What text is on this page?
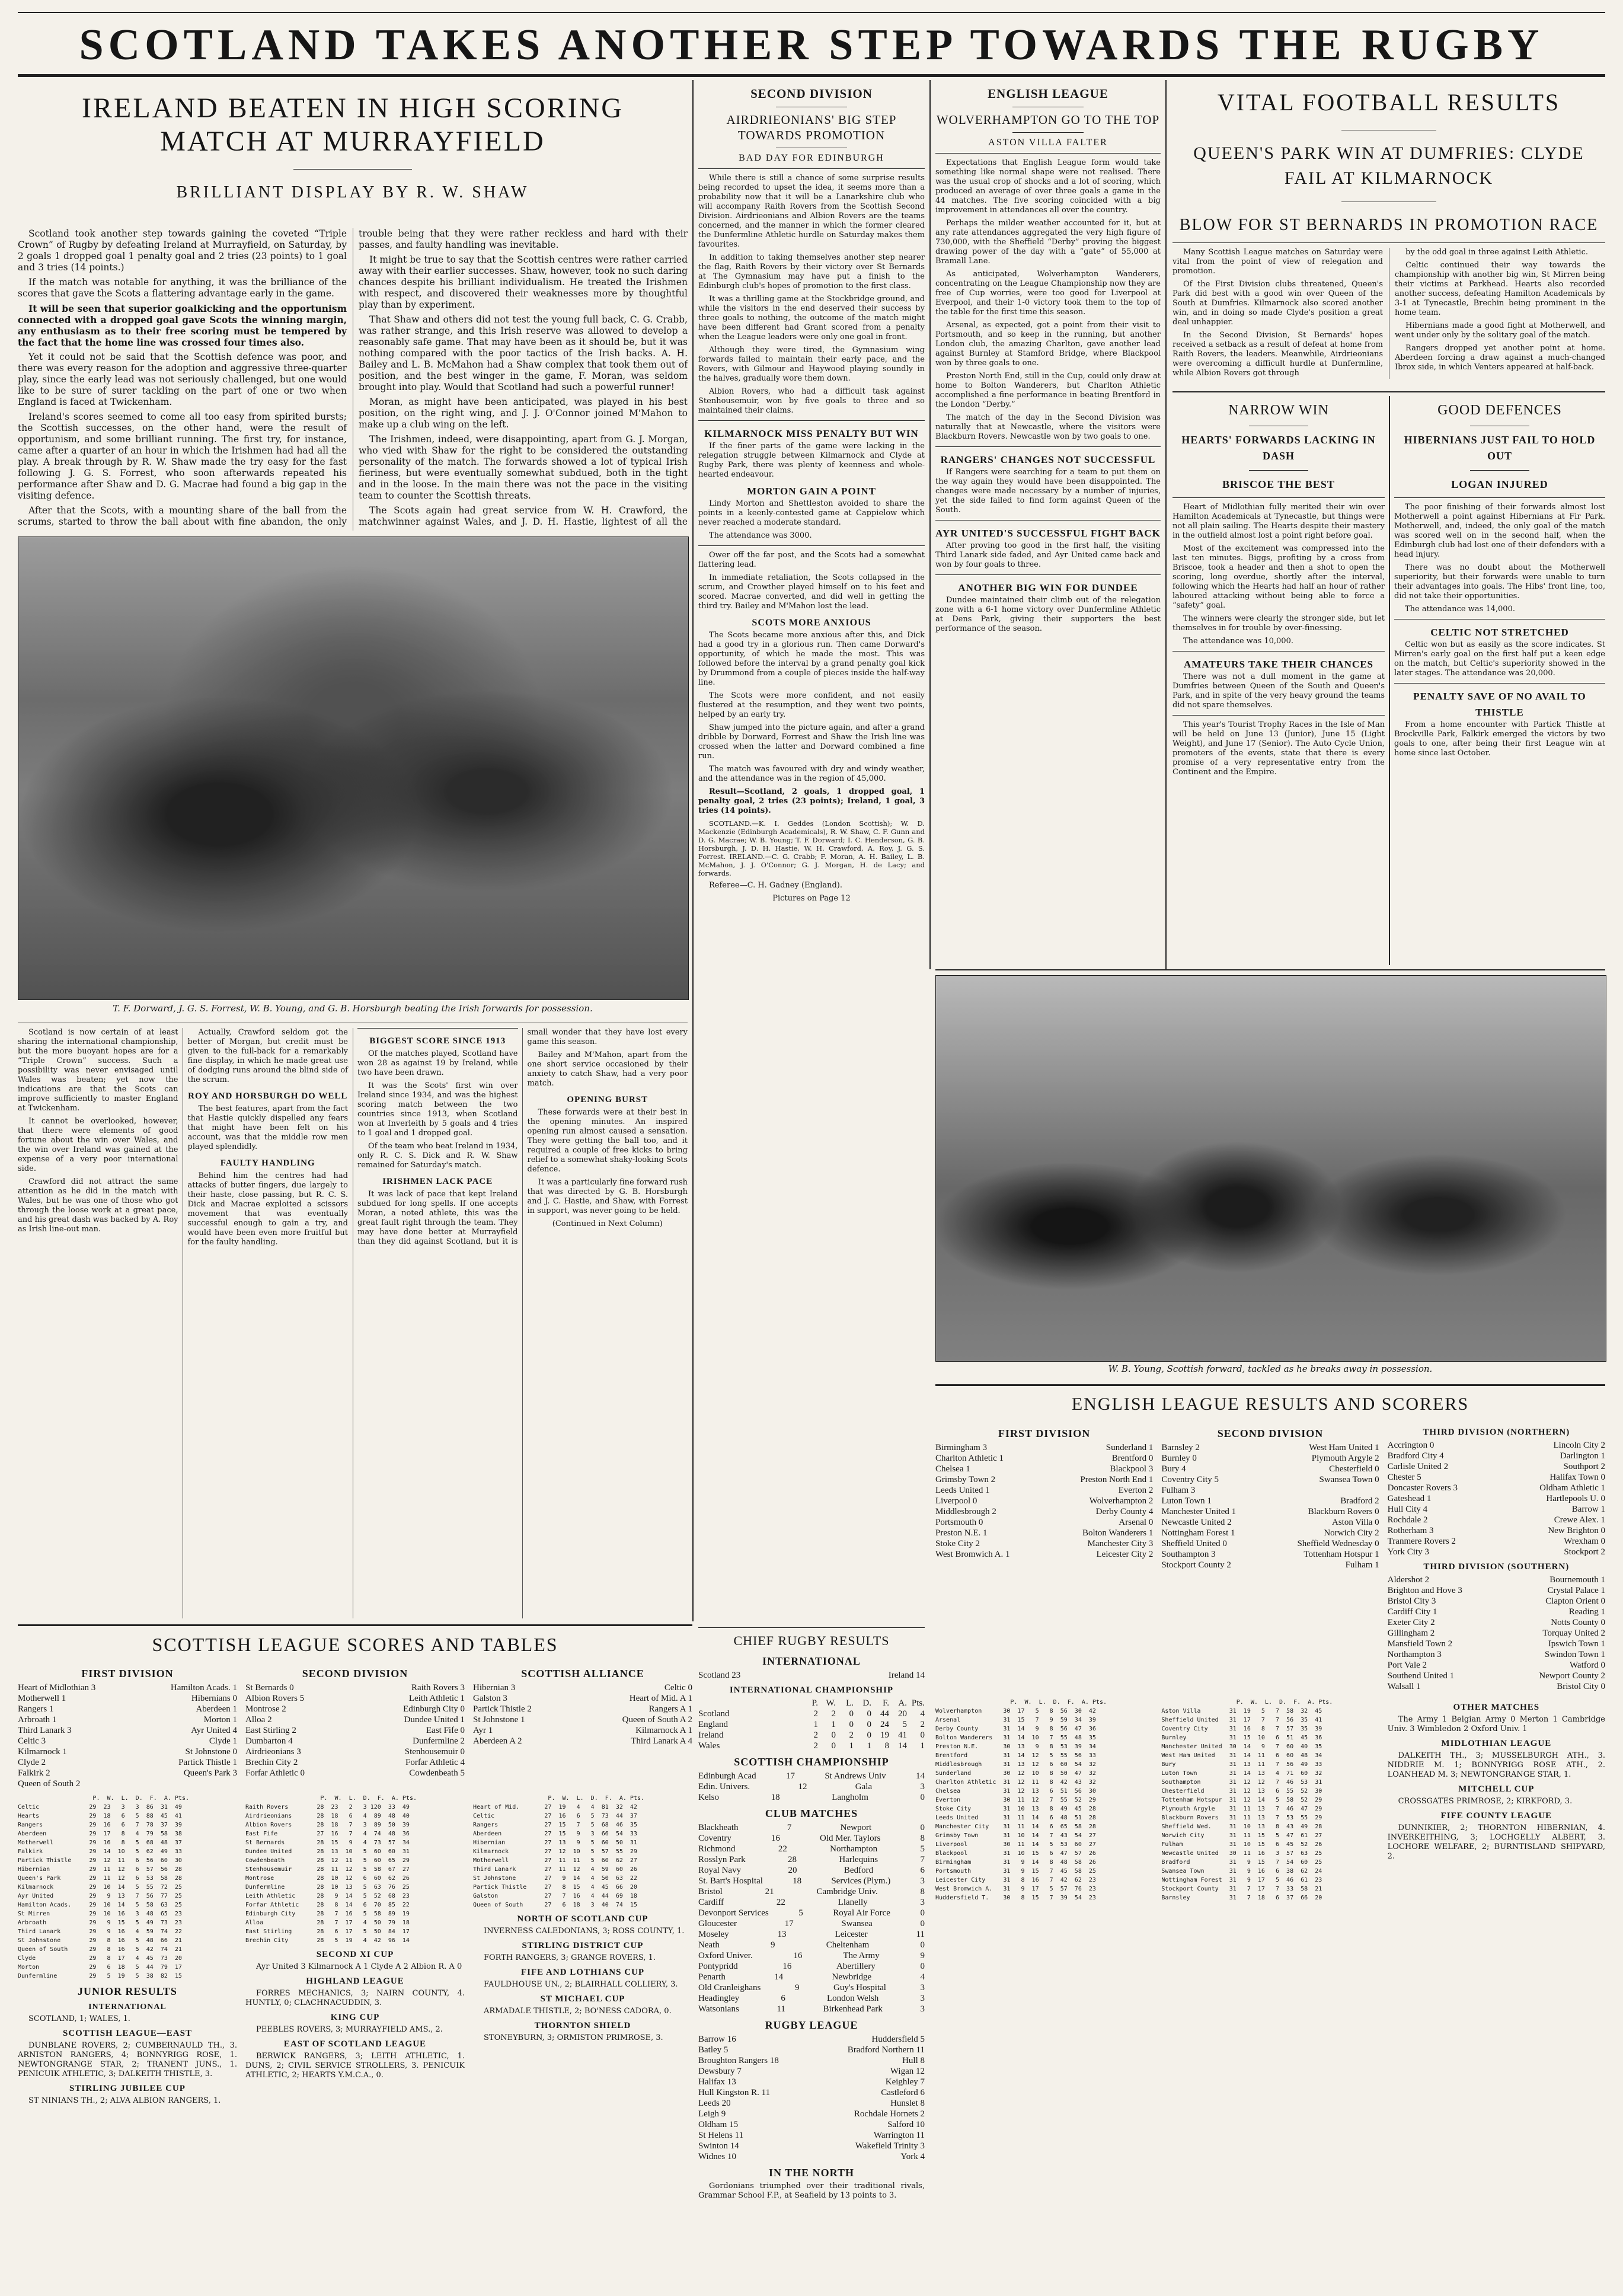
SCOTLAND TAKES ANOTHER STEP TOWARDS THE RUGBY
IRELAND BEATEN IN HIGH SCORING MATCH AT MURRAYFIELD
BRILLIANT DISPLAY BY R. W. SHAW

Scotland took another step towards gaining the coveted “Triple Crown” of Rugby by defeating Ireland at Murrayfield, on Saturday, by 2 goals 1 dropped goal 1 penalty goal and 2 tries (23 points) to 1 goal and 3 tries (14 points.)

If the match was notable for anything, it was the brilliance of the scores that gave the Scots a flattering advantage early in the game.

It will be seen that superior goalkicking and the opportunism connected with a dropped goal gave Scots the winning margin, any enthusiasm as to their free scoring must be tempered by the fact that the home line was crossed four times also.

Yet it could not be said that the Scottish defence was poor, and there was every reason for the adoption and aggressive three-quarter play, since the early lead was not seriously challenged, but one would like to be sure of surer tackling on the part of one or two when England is faced at Twickenham.

Ireland's scores seemed to come all too easy from spirited bursts; the Scottish successes, on the other hand, were the result of opportunism, and some brilliant running. The first try, for instance, came after a quarter of an hour in which the Irishmen had had all the play. A break through by R. W. Shaw made the try easy for the fast following J. G. S. Forrest, who soon afterwards repeated his performance after Shaw and D. G. Macrae had found a big gap in the visiting defence.

After that the Scots, with a mounting share of the ball from the scrums, started to throw the ball about with fine abandon, the only trouble being that they were rather reckless and hard with their passes, and faulty handling was inevitable.

It might be true to say that the Scottish centres were rather carried away with their earlier successes. Shaw, however, took no such daring chances despite his brilliant individualism. He treated the Irishmen with respect, and discovered their weaknesses more by thoughtful play than by experiment.

That Shaw and others did not test the young full back, C. G. Crabb, was rather strange, and this Irish reserve was allowed to develop a reasonably safe game. That may have been as it should be, but it was nothing compared with the poor tactics of the Irish backs. A. H. Bailey and L. B. McMahon had a Shaw complex that took them out of position, and the best winger in the game, F. Moran, was seldom brought into play. Would that Scotland had such a powerful runner!

Moran, as might have been anticipated, was played in his best position, on the right wing, and J. J. O'Connor joined M'Mahon to make up a club wing on the left.

The Irishmen, indeed, were disappointing, apart from G. J. Morgan, who vied with Shaw for the right to be considered the outstanding personality of the match. The forwards showed a lot of typical Irish fieriness, but were eventually somewhat subdued, both in the tight and in the loose. In the main there was not the pace in the visiting team to counter the Scottish threats.

The Scots again had great service from W. H. Crawford, the matchwinner against Wales, and J. D. H. Hastie, lightest of all the

T. F. Dorward, J. G. S. Forrest, W. B. Young, and G. B. Horsburgh beating the Irish forwards for possession.

Scotland is now certain of at least sharing the international championship, but the more buoyant hopes are for a “Triple Crown” success. Such a possibility was never envisaged until Wales was beaten; yet now the indications are that the Scots can improve sufficiently to master England at Twickenham.

It cannot be overlooked, however, that there were elements of good fortune about the win over Wales, and the win over Ireland was gained at the expense of a very poor international side.

Crawford did not attract the same attention as he did in the match with Wales, but he was one of those who got through the loose work at a great pace, and his great dash was backed by A. Roy as Irish line-out man.

Actually, Crawford seldom got the better of Morgan, but credit must be given to the full-back for a remarkably fine display, in which he made great use of dodging runs around the blind side of the scrum.

ROY AND HORSBURGH DO WELL

The best features, apart from the fact that Hastie quickly dispelled any fears that might have been felt on his account, was that the middle row men played splendidly.

FAULTY HANDLING

Behind him the centres had had attacks of butter fingers, due largely to their haste, close passing, but R. C. S. Dick and Macrae exploited a scissors movement that was eventually successful enough to gain a try, and would have been even more fruitful but for the faulty handling.

BIGGEST SCORE SINCE 1913

Of the matches played, Scotland have won 28 as against 19 by Ireland, while two have been drawn.

It was the Scots' first win over Ireland since 1934, and was the highest scoring match between the two countries since 1913, when Scotland won at Inverleith by 5 goals and 4 tries to 1 goal and 1 dropped goal.

Of the team who beat Ireland in 1934, only R. C. S. Dick and R. W. Shaw remained for Saturday's match.

IRISHMEN LACK PACE

It was lack of pace that kept Ireland subdued for long spells. If one accepts Moran, a noted athlete, this was the great fault right through the team. They may have done better at Murrayfield than they did against Scotland, but it is small wonder that they have lost every game this season.

Bailey and M'Mahon, apart from the one short service occasioned by their anxiety to catch Shaw, had a very poor match.

OPENING BURST

These forwards were at their best in the opening minutes. An inspired opening run almost caused a sensation. They were getting the ball too, and it required a couple of free kicks to bring relief to a somewhat shaky-looking Scots defence.

It was a particularly fine forward rush that was directed by G. B. Horsburgh and J. C. Hastie, and Shaw, with Forrest in support, was never going to be held.

(Continued in Next Column)

SECOND DIVISION
AIRDRIEONIANS' BIG STEP TOWARDS PROMOTION
BAD DAY FOR EDINBURGH

While there is still a chance of some surprise results being recorded to upset the idea, it seems more than a probability now that it will be a Lanarkshire club who will accompany Raith Rovers from the Scottish Second Division. Airdrieonians and Albion Rovers are the teams concerned, and the manner in which the former cleared the Dunfermline Athletic hurdle on Saturday makes them favourites.

In addition to taking themselves another step nearer the flag, Raith Rovers by their victory over St Bernards at The Gymnasium may have put a finish to the Edinburgh club's hopes of promotion to the first class.

It was a thrilling game at the Stockbridge ground, and while the visitors in the end deserved their success by three goals to nothing, the outcome of the match might have been different had Grant scored from a penalty when the League leaders were only one goal in front.

Although they were tired, the Gymnasium wing forwards failed to maintain their early pace, and the Rovers, with Gilmour and Haywood playing soundly in the halves, gradually wore them down.

Albion Rovers, who had a difficult task against Stenhousemuir, won by five goals to three and so maintained their claims.

KILMARNOCK MISS PENALTY BUT WIN

If the finer parts of the game were lacking in the relegation struggle between Kilmarnock and Clyde at Rugby Park, there was plenty of keenness and whole-hearted endeavour.

MORTON GAIN A POINT

Lindy Morton and Shettleston avoided to share the points in a keenly-contested game at Cappielow which never reached a moderate standard.

The attendance was 3000.

Ower off the far post, and the Scots had a somewhat flattering lead.

In immediate retaliation, the Scots collapsed in the scrum, and Crowther played himself on to his feet and scored. Macrae converted, and did well in getting the third try. Bailey and M'Mahon lost the lead.

SCOTS MORE ANXIOUS

The Scots became more anxious after this, and Dick had a good try in a glorious run. Then came Dorward's opportunity, of which he made the most. This was followed before the interval by a grand penalty goal kick by Drummond from a couple of pieces inside the half-way line.

The Scots were more confident, and not easily flustered at the resumption, and they went two points, helped by an early try.

Shaw jumped into the picture again, and after a grand dribble by Dorward, Forrest and Shaw the Irish line was crossed when the latter and Dorward combined a fine run.

The match was favoured with dry and windy weather, and the attendance was in the region of 45,000.

Result—Scotland, 2 goals, 1 dropped goal, 1 penalty goal, 2 tries (23 points); Ireland, 1 goal, 3 tries (14 points).

SCOTLAND.—K. I. Geddes (London Scottish); W. D. Mackenzie (Edinburgh Academicals), R. W. Shaw, C. F. Gunn and D. G. Macrae; W. B. Young; T. F. Dorward; I. C. Henderson, G. B. Horsburgh, J. D. H. Hastie, W. H. Crawford, A. Roy, J. G. S. Forrest. IRELAND.—C. G. Crabb; F. Moran, A. H. Bailey, L. B. McMahon, J. J. O'Connor; G. J. Morgan, H. de Lacy; and forwards.

Referee—C. H. Gadney (England).

Pictures on Page 12

ENGLISH LEAGUE
WOLVERHAMPTON GO TO THE TOP
ASTON VILLA FALTER

Expectations that English League form would take something like normal shape were not realised. There was the usual crop of shocks and a lot of scoring, which produced an average of over three goals a game in the 44 matches. The five scoring coincided with a big improvement in attendances all over the country.

Perhaps the milder weather accounted for it, but at any rate attendances aggregated the very high figure of 730,000, with the Sheffield “Derby” proving the biggest drawing power of the day with a “gate” of 55,000 at Bramall Lane.

As anticipated, Wolverhampton Wanderers, concentrating on the League Championship now they are free of Cup worries, were too good for Liverpool at Everpool, and their 1-0 victory took them to the top of the table for the first time this season.

Arsenal, as expected, got a point from their visit to Portsmouth, and so keep in the running, but another London club, the amazing Charlton, gave another lead against Burnley at Stamford Bridge, where Blackpool won by three goals to one.

Preston North End, still in the Cup, could only draw at home to Bolton Wanderers, but Charlton Athletic accomplished a fine performance in beating Brentford in the London “Derby.”

The match of the day in the Second Division was naturally that at Newcastle, where the visitors were Blackburn Rovers. Newcastle won by two goals to one.

RANGERS' CHANGES NOT SUCCESSFUL

If Rangers were searching for a team to put them on the way again they would have been disappointed. The changes were made necessary by a number of injuries, yet the side failed to find form against Queen of the South.

AYR UNITED'S SUCCESSFUL FIGHT BACK

After proving too good in the first half, the visiting Third Lanark side faded, and Ayr United came back and won by four goals to three.

ANOTHER BIG WIN FOR DUNDEE

Dundee maintained their climb out of the relegation zone with a 6-1 home victory over Dunfermline Athletic at Dens Park, giving their supporters the best performance of the season.

VITAL FOOTBALL RESULTS
QUEEN'S PARK WIN AT DUMFRIES: CLYDE FAIL AT KILMARNOCK
BLOW FOR ST BERNARDS IN PROMOTION RACE

Many Scottish League matches on Saturday were vital from the point of view of relegation and promotion.

Of the First Division clubs threatened, Queen's Park did best with a good win over Queen of the South at Dumfries. Kilmarnock also scored another win, and in doing so made Clyde's position a great deal unhappier.

In the Second Division, St Bernards' hopes received a setback as a result of defeat at home from Raith Rovers, the leaders. Meanwhile, Airdrieonians were overcoming a difficult hurdle at Dunfermline, while Albion Rovers got through

by the odd goal in three against Leith Athletic.

Celtic continued their way towards the championship with another big win, St Mirren being their victims at Parkhead. Hearts also recorded another success, defeating Hamilton Academicals by 3-1 at Tynecastle, Brechin being prominent in the home team.

Hibernians made a good fight at Motherwell, and went under only by the solitary goal of the match.

Rangers dropped yet another point at home. Aberdeen forcing a draw against a much-changed Ibrox side, in which Venters appeared at half-back.

NARROW WIN
HEARTS' FORWARDS LACKING IN DASH
BRISCOE THE BEST

Heart of Midlothian fully merited their win over Hamilton Academicals at Tynecastle, but things were not all plain sailing. The Hearts despite their mastery in the outfield almost lost a point right before goal.

Most of the excitement was compressed into the last ten minutes. Biggs, profiting by a cross from Briscoe, took a header and then a shot to open the scoring, long overdue, shortly after the interval, following which the Hearts had half an hour of rather laboured attacking without being able to force a “safety” goal.

The winners were clearly the stronger side, but let themselves in for trouble by over-finessing.

The attendance was 10,000.

AMATEURS TAKE THEIR CHANCES

There was not a dull moment in the game at Dumfries between Queen of the South and Queen's Park, and in spite of the very heavy ground the teams did not spare themselves.

This year's Tourist Trophy Races in the Isle of Man will be held on June 13 (Junior), June 15 (Light Weight), and June 17 (Senior). The Auto Cycle Union, promoters of the events, state that there is every promise of a very representative entry from the Continent and the Empire.

GOOD DEFENCES
HIBERNIANS JUST FAIL TO HOLD OUT
LOGAN INJURED

The poor finishing of their forwards almost lost Motherwell a point against Hibernians at Fir Park. Motherwell, and, indeed, the only goal of the match was scored well on in the second half, when the Edinburgh club had lost one of their defenders with a head injury.

There was no doubt about the Motherwell superiority, but their forwards were unable to turn their advantages into goals. The Hibs' front line, too, did not take their opportunities.

The attendance was 14,000.

CELTIC NOT STRETCHED

Celtic won but as easily as the score indicates. St Mirren's early goal on the first half put a keen edge on the match, but Celtic's superiority showed in the later stages. The attendance was 20,000.

PENALTY SAVE OF NO AVAIL TO THISTLE

From a home encounter with Partick Thistle at Brockville Park, Falkirk emerged the victors by two goals to one, after being their first League win at home since last October.

W. B. Young, Scottish forward, tackled as he breaks away in possession.
CHIEF RUGBY RESULTS
INTERNATIONAL
Scotland 23	Ireland 14
INTERNATIONAL CHAMPIONSHIP
P. W. L. D. F. A. Pts.
Scotland	2 2 0 0 44 20 4
England	1 1 0 0 24 5 2
Ireland	2 0 2 0 19 41 0
Wales	2 0 1 1 8 14 1
SCOTTISH CHAMPIONSHIP
Edinburgh Acad	17	St Andrews Univ	14
Edin. Univers.	12	Gala	3
Kelso	18	Langholm	0
CLUB MATCHES
Blackheath	7	Newport	0
Coventry	16	Old Mer. Taylors	8
Richmond	22	Northampton	5
Rosslyn Park	28	Harlequins	7
Royal Navy	20	Bedford	6
St. Bart's Hospital	18	Services (Plym.)	3
Bristol	21	Cambridge Univ.	8
Cardiff	22	Llanelly	3
Devonport Services	5	Royal Air Force	0
Gloucester	17	Swansea	0
Moseley	13	Leicester	11
Neath	9	Cheltenham	0
Oxford Univer.	16	The Army	9
Pontypridd	16	Abertillery	0
Penarth	14	Newbridge	4
Old Cranleighans	9	Guy's Hospital	3
Headingley	6	London Welsh	3
Watsonians	11	Birkenhead Park	3
RUGBY LEAGUE
Barrow 16	Huddersfield 5
Batley 5	Bradford Northern 11
Broughton Rangers 18	Hull 8
Dewsbury 7	Wigan 12
Halifax 13	Keighley 7
Hull Kingston R. 11	Castleford 6
Leeds 20	Hunslet 8
Leigh 9	Rochdale Hornets 2
Oldham 15	Salford 10
St Helens 11	Warrington 11
Swinton 14	Wakefield Trinity 3
Widnes 10	York 4
IN THE NORTH

Gordonians triumphed over their traditional rivals, Grammar School F.P., at Seafield by 13 points to 3.

SCOTTISH LEAGUE SCORES AND TABLES
FIRST DIVISION
Heart of Midlothian 3	Hamilton Acads. 1
Motherwell 1	Hibernians 0
Rangers 1	Aberdeen 1
Arbroath 1	Morton 1
Third Lanark 3	Ayr United 4
Celtic 3	Clyde 1
Kilmarnock 1	St Johnstone 0
Clyde 2	Partick Thistle 1
Falkirk 2	Queen's Park 3
Queen of South 2
SECOND DIVISION
St Bernards 0	Raith Rovers 3
Albion Rovers 5	Leith Athletic 1
Montrose 2	Edinburgh City 0
Alloa 2	Dundee United 1
East Stirling 2	East Fife 0
Dumbarton 4	Dunfermline 2
Airdrieonians 3	Stenhousemuir 0
Brechin City 2	Forfar Athletic 4
Forfar Athletic 0	Cowdenbeath 5
SCOTTISH ALLIANCE
Hibernian 3	Celtic 0
Galston 3	Heart of Mid. A 1
Partick Thistle 2	Rangers A 1
St Johnstone 1	Queen of South A 2
Ayr 1	Kilmarnock A 1
Aberdeen A 2	Third Lanark A 4
P.  W.  L.  D.  F.  A. Pts.
Celtic              29  23   3   3  86  31  49
Hearts              29  18   6   5  88  45  41
Rangers             29  16   6   7  78  37  39
Aberdeen            29  17   8   4  79  58  38
Motherwell          29  16   8   5  68  48  37
Falkirk             29  14  10   5  62  49  33
Partick Thistle     29  12  11   6  56  60  30
Hibernian           29  11  12   6  57  56  28
Queen's Park        29  11  12   6  53  58  28
Kilmarnock          29  10  14   5  55  72  25
Ayr United          29   9  13   7  56  77  25
Hamilton Acads.     29  10  14   5  58  63  25
St Mirren           29  10  16   3  48  65  23
Arbroath            29   9  15   5  49  73  23
Third Lanark        29   9  16   4  59  74  22
St Johnstone        29   8  16   5  48  66  21
Queen of South      29   8  16   5  42  74  21
Clyde               29   8  17   4  45  73  20
Morton              29   6  18   5  44  79  17
Dunfermline         29   5  19   5  38  82  15
JUNIOR RESULTS
INTERNATIONAL

SCOTLAND, 1; WALES, 1.

SCOTTISH LEAGUE—EAST

DUNBLANE ROVERS, 2; CUMBERNAULD TH., 3. ARNISTON RANGERS, 4; BONNYRIGG ROSE, 1. NEWTONGRANGE STAR, 2; TRANENT JUNS., 1. PENICUIK ATHLETIC, 3; DALKEITH THISTLE, 3.

STIRLING JUBILEE CUP

ST NINIANS TH., 2; ALVA ALBION RANGERS, 1.

P.  W.  L.  D.  F.  A. Pts.
Raith Rovers        28  23   2   3 120  33  49
Airdrieonians       28  18   6   4  89  48  40
Albion Rovers       28  18   7   3  89  50  39
East Fife           27  16   7   4  74  48  36
St Bernards         28  15   9   4  73  57  34
Dundee United       28  13  10   5  60  60  31
Cowdenbeath         28  12  11   5  60  65  29
Stenhousemuir       28  11  12   5  58  67  27
Montrose            28  10  12   6  60  62  26
Dunfermline         28  10  13   5  63  76  25
Leith Athletic      28   9  14   5  52  68  23
Forfar Athletic     28   8  14   6  70  85  22
Edinburgh City      28   7  16   5  58  89  19
Alloa               28   7  17   4  50  79  18
East Stirling       28   6  17   5  50  84  17
Brechin City        28   5  19   4  42  96  14
SECOND XI CUP

Ayr United 3 Kilmarnock A 1 Clyde A 2 Albion R. A 0

HIGHLAND LEAGUE

FORRES MECHANICS, 3; NAIRN COUNTY, 4. HUNTLY, 0; CLACHNACUDDIN, 3.

KING CUP

PEEBLES ROVERS, 3; MURRAYFIELD AMS., 2.

EAST OF SCOTLAND LEAGUE

BERWICK RANGERS, 3; LEITH ATHLETIC, 1. DUNS, 2; CIVIL SERVICE STROLLERS, 3. PENICUIK ATHLETIC, 2; HEARTS Y.M.C.A., 0.

P.  W.  L.  D.  F.  A. Pts.
Heart of Mid.       27  19   4   4  81  32  42
Celtic              27  16   6   5  73  44  37
Rangers             27  15   7   5  68  46  35
Aberdeen            27  15   9   3  66  54  33
Hibernian           27  13   9   5  60  50  31
Kilmarnock          27  12  10   5  57  55  29
Motherwell          27  11  11   5  60  62  27
Third Lanark        27  11  12   4  59  60  26
St Johnstone        27   9  14   4  50  63  22
Partick Thistle     27   8  15   4  45  66  20
Galston             27   7  16   4  44  69  18
Queen of South      27   6  18   3  40  74  15
NORTH OF SCOTLAND CUP

INVERNESS CALEDONIANS, 3; ROSS COUNTY, 1.

STIRLING DISTRICT CUP

FORTH RANGERS, 3; GRANGE ROVERS, 1.

FIFE AND LOTHIANS CUP

FAULDHOUSE UN., 2; BLAIRHALL COLLIERY, 3.

ST MICHAEL CUP

ARMADALE THISTLE, 2; BO'NESS CADORA, 0.

THORNTON SHIELD

STONEYBURN, 3; ORMISTON PRIMROSE, 3.

ENGLISH LEAGUE RESULTS AND SCORERS
FIRST DIVISION
Birmingham 3	Sunderland 1
Charlton Athletic 1	Brentford 0
Chelsea 1	Blackpool 3
Grimsby Town 2	Preston North End 1
Leeds United 1	Everton 2
Liverpool 0	Wolverhampton 2
Middlesbrough 2	Derby County 4
Portsmouth 0	Arsenal 0
Preston N.E. 1	Bolton Wanderers 1
Stoke City 2	Manchester City 3
West Bromwich A. 1	Leicester City 2
SECOND DIVISION
Barnsley 2	West Ham United 1
Burnley 0	Plymouth Argyle 2
Bury 4	Chesterfield 0
Coventry City 5	Swansea Town 0
Fulham 3
Luton Town 1	Bradford 2
Manchester United 1	Blackburn Rovers 0
Newcastle United 2	Aston Villa 0
Nottingham Forest 1	Norwich City 2
Sheffield United 0	Sheffield Wednesday 0
Southampton 3	Tottenham Hotspur 1
Stockport County 2	Fulham 1
THIRD DIVISION (NORTHERN)
Accrington 0	Lincoln City 2
Bradford City 4	Darlington 1
Carlisle United 2	Southport 2
Chester 5	Halifax Town 0
Doncaster Rovers 3	Oldham Athletic 1
Gateshead 1	Hartlepools U. 0
Hull City 4	Barrow 1
Rochdale 2	Crewe Alex. 1
Rotherham 3	New Brighton 0
Tranmere Rovers 2	Wrexham 0
York City 3	Stockport 2
THIRD DIVISION (SOUTHERN)
Aldershot 2	Bournemouth 1
Brighton and Hove 3	Crystal Palace 1
Bristol City 3	Clapton Orient 0
Cardiff City 1	Reading 1
Exeter City 2	Notts County 0
Gillingham 2	Torquay United 2
Mansfield Town 2	Ipswich Town 1
Northampton 3	Swindon Town 1
Port Vale 2	Watford 0
Southend United 1	Newport County 2
Walsall 1	Bristol City 0
P.  W.  L.  D.  F.  A. Pts.
Wolverhampton      30  17   5   8  56  30  42
Arsenal            31  15   7   9  59  34  39
Derby County       31  14   9   8  56  47  36
Bolton Wanderers   31  14  10   7  55  48  35
Preston N.E.       30  13   9   8  53  39  34
Brentford          31  14  12   5  55  56  33
Middlesbrough      31  13  12   6  60  54  32
Sunderland         30  12  10   8  50  47  32
Charlton Athletic  31  12  11   8  42  43  32
Chelsea            31  12  13   6  51  56  30
Everton            30  11  12   7  55  52  29
Stoke City         31  10  13   8  49  45  28
Leeds United       31  11  14   6  48  51  28
Manchester City    31  11  14   6  65  58  28
Grimsby Town       31  10  14   7  43  54  27
Liverpool          30  11  14   5  53  60  27
Blackpool          31  10  15   6  47  57  26
Birmingham         31   9  14   8  48  58  26
Portsmouth         31   9  15   7  45  58  25
Leicester City     31   8  16   7  42  62  23
West Bromwich A.   31   9  17   5  57  76  23
Huddersfield T.    30   8  15   7  39  54  23
P.  W.  L.  D.  F.  A. Pts.
Aston Villa        31  19   5   7  58  32  45
Sheffield United   31  17   7   7  56  35  41
Coventry City      31  16   8   7  57  35  39
Burnley            31  15  10   6  51  45  36
Manchester United  30  14   9   7  60  40  35
West Ham United    31  14  11   6  60  48  34
Bury               31  13  11   7  56  49  33
Luton Town         31  14  13   4  71  60  32
Southampton        31  12  12   7  46  53  31
Chesterfield       31  12  13   6  55  52  30
Tottenham Hotspur  31  12  14   5  58  52  29
Plymouth Argyle    31  11  13   7  46  47  29
Blackburn Rovers   31  11  13   7  53  55  29
Sheffield Wed.     31  10  13   8  43  49  28
Norwich City       31  11  15   5  47  61  27
Fulham             31  10  15   6  45  52  26
Newcastle United   30  11  16   3  57  63  25
Bradford           31   9  15   7  54  60  25
Swansea Town       31   9  16   6  38  62  24
Nottingham Forest  31   9  17   5  46  61  23
Stockport County   31   7  17   7  33  58  21
Barnsley           31   7  18   6  37  66  20
OTHER MATCHES

The Army 1 Belgian Army 0 Merton 1 Cambridge Univ. 3 Wimbledon 2 Oxford Univ. 1

MIDLOTHIAN LEAGUE

DALKEITH TH., 3; MUSSELBURGH ATH., 3. NIDDRIE M. 1; BONNYRIGG ROSE ATH., 2. LOANHEAD M. 3; NEWTONGRANGE STAR, 1.

MITCHELL CUP

CROSSGATES PRIMROSE, 2; KIRKFORD, 3.

FIFE COUNTY LEAGUE

DUNNIKIER, 2; THORNTON HIBERNIAN, 4. INVERKEITHING, 3; LOCHGELLY ALBERT, 3. LOCHORE WELFARE, 2; BURNTISLAND SHIPYARD, 2.
